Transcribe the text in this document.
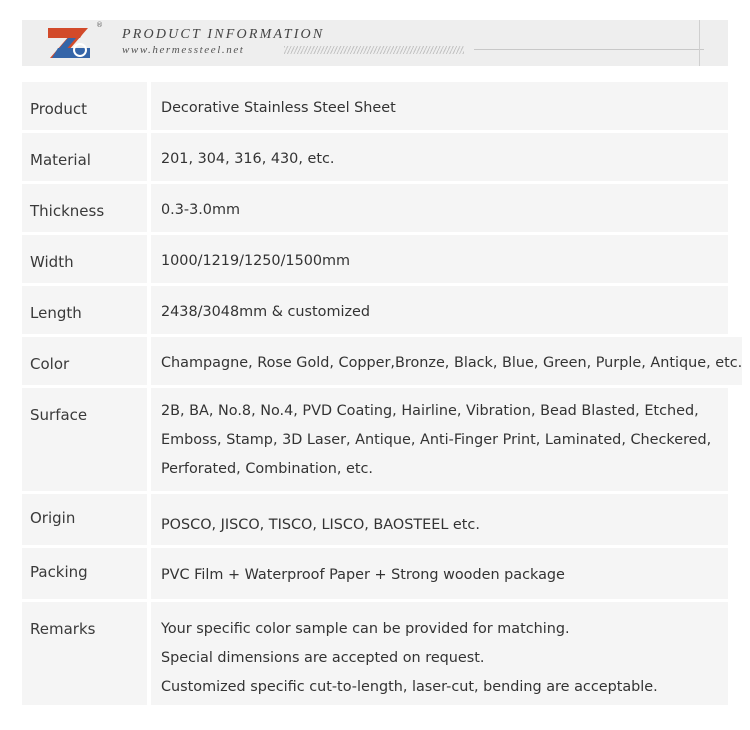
®
PRODUCT INFORMATION
www.hermessteel.net
Product	Decorative Stainless Steel Sheet
Material	201, 304, 316, 430, etc.
Thickness	0.3-3.0mm
Width	1000/1219/1250/1500mm
Length	2438/3048mm & customized
Color	Champagne, Rose Gold, Copper,Bronze, Black, Blue, Green, Purple, Antique, etc.
Surface	2B, BA, No.8, No.4, PVD Coating, Hairline, Vibration, Bead Blasted, Etched,
Emboss, Stamp, 3D Laser, Antique, Anti-Finger Print, Laminated, Checkered,
Perforated, Combination, etc.
Origin	POSCO, JISCO, TISCO, LISCO, BAOSTEEL etc.
Packing	PVC Film + Waterproof Paper + Strong wooden package
Remarks	Your specific color sample can be provided for matching.
Special dimensions are accepted on request.
Customized specific cut-to-length, laser-cut, bending are acceptable.
